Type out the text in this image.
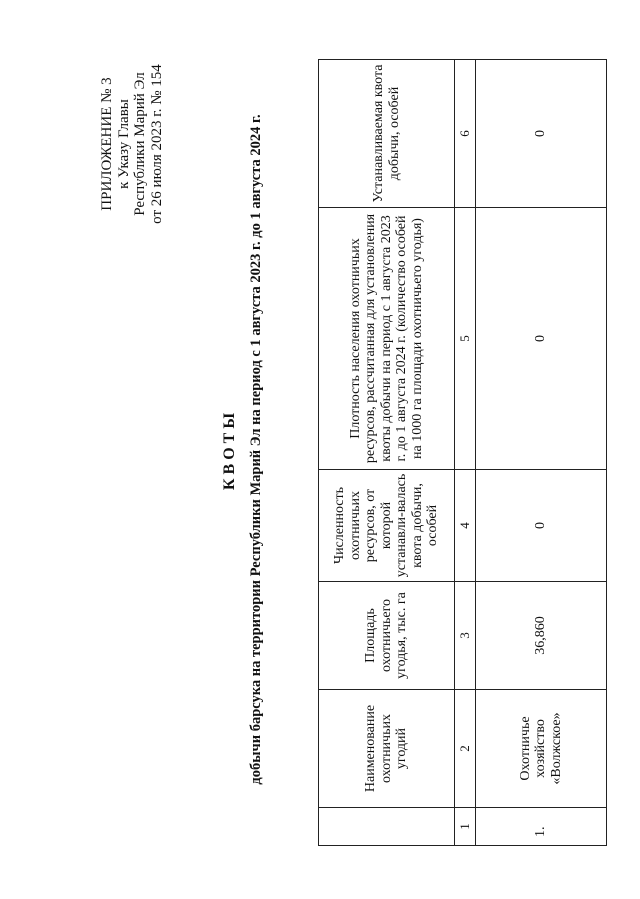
ПРИЛОЖЕНИЕ № 3 к Указу Главы Республики Марий Эл от 26 июля 2023 г. № 154
КВОТЫ добычи барсука на территории Республики Марий Эл на период с 1 августа 2023 г. до 1 августа 2024 г.
		Наименование охотничьих угодий	Площадь охотничьего угодья, тыс. га	Численность охотничьих ресурсов, от которой устанавли-валась квота добычи, особей	Плотность населения охотничьих ресурсов, рассчитанная для установления квоты добычи на период с 1 августа 2023 г. до 1 августа 2024 г. (количество особей на 1000 га площади охотничьего угодья)	Устанавливаемая квота добычи, особей
1	2	3	4	5	6
1.	Охотничье хозяйство «Волжское»	36,860	0	0	0
